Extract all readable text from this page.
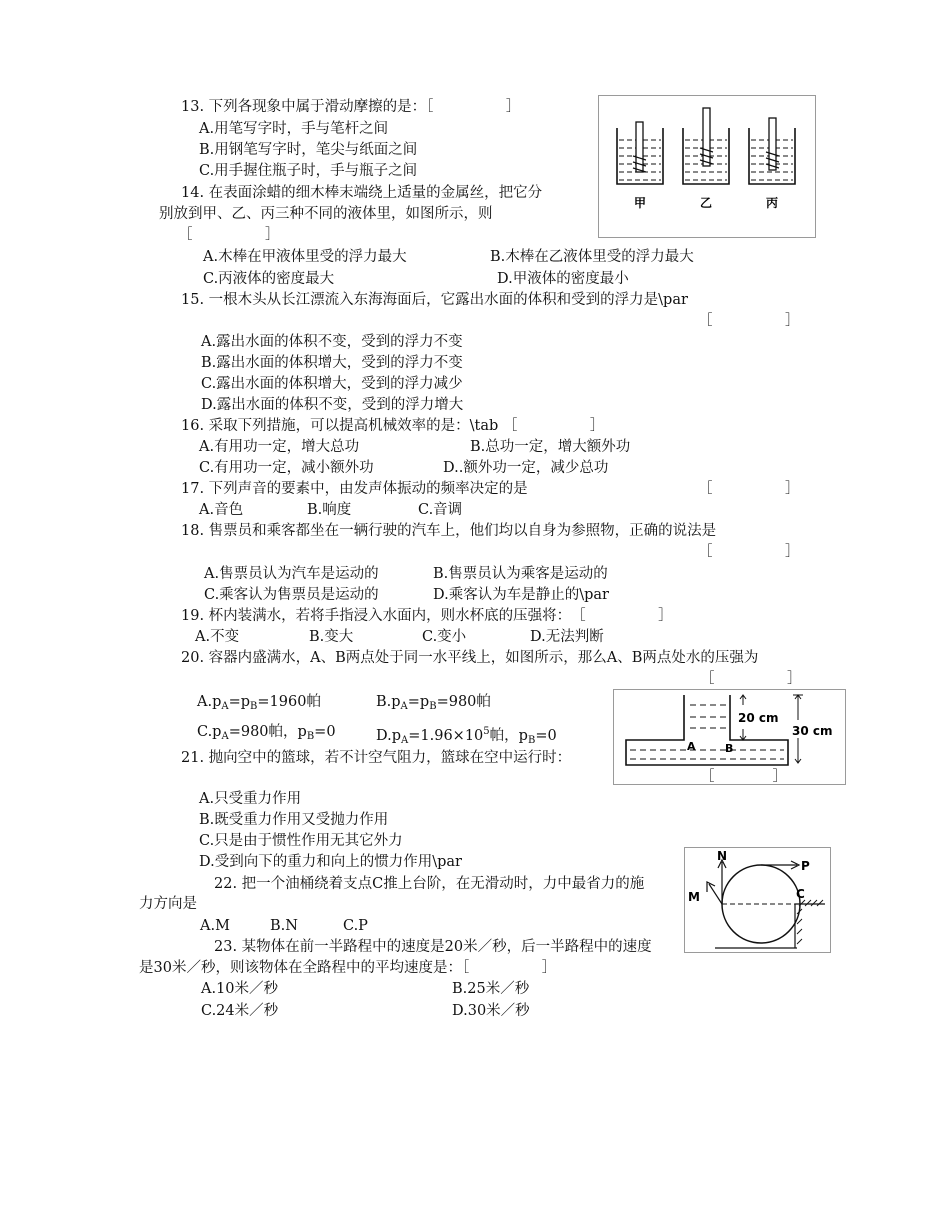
13. 下列各现象中属于滑动摩擦的是：［　　　　　］
A.用笔写字时，手与笔杆之间
B.用钢笔写字时，笔尖与纸面之间
C.用手握住瓶子时，手与瓶子之间
甲	乙	丙
14. 在表面涂蜡的细木棒末端绕上适量的金属丝，把它分
别放到甲、乙、丙三种不同的液体里，如图所示，则
［　　　　　］
A.木棒在甲液体里受的浮力最大	B.木棒在乙液体里受的浮力最大
C.丙液体的密度最大	D.甲液体的密度最小
15. 一根木头从长江漂流入东海海面后，它露出水面的体积和受到的浮力是\par
［　　　　　］
A.露出水面的体积不变，受到的浮力不变
B.露出水面的体积增大，受到的浮力不变
C.露出水面的体积增大，受到的浮力减少
D.露出水面的体积不变，受到的浮力增大
16. 采取下列措施，可以提高机械效率的是：\tab ［　　　　　］
A.有用功一定，增大总功	B.总功一定，增大额外功
C.有用功一定，减小额外功	D..额外功一定，减少总功
17. 下列声音的要素中，由发声体振动的频率决定的是	［　　　　　］
A.音色	B.响度	C.音调
18. 售票员和乘客都坐在一辆行驶的汽车上，他们均以自身为参照物，正确的说法是
［　　　　　］
A.售票员认为汽车是运动的	B.售票员认为乘客是运动的
C.乘客认为售票员是运动的	D.乘客认为车是静止的\par
19. 杯内装满水，若将手指浸入水面内，则水杯底的压强将：　［　　　　　］
A.不变	B.变大	C.变小	D.无法判断
20. 容器内盛满水，A、B两点处于同一水平线上，如图所示，那么A、B两点处水的压强为
［　　　　　］
$A.p_A=p_B=1960$帕	$B.p_A=p_B=980$帕
$C.p_A=980$帕，$p_B=0$	$D.p_A=1.96\times 10^5$帕，$p_B=0$
20 cm
30 cm
A	B
21. 抛向空中的篮球，若不计空气阻力，篮球在空中运行时：
［　　　　］
A.只受重力作用
B.既受重力作用又受抛力作用
C.只是由于惯性作用无其它外力
D.受到向下的重力和向上的惯力作用\par	N
P
M	C
22. 把一个油桶绕着支点C推上台阶，在无滑动时，力中最省力的施
力方向是
A.M	B.N	C.P
23. 某物体在前一半路程中的速度是20米／秒，后一半路程中的速度
是30米／秒，则该物体在全路程中的平均速度是：［　　　　　］
A.10米／秒	B.25米／秒
C.24米／秒	D.30米／秒
